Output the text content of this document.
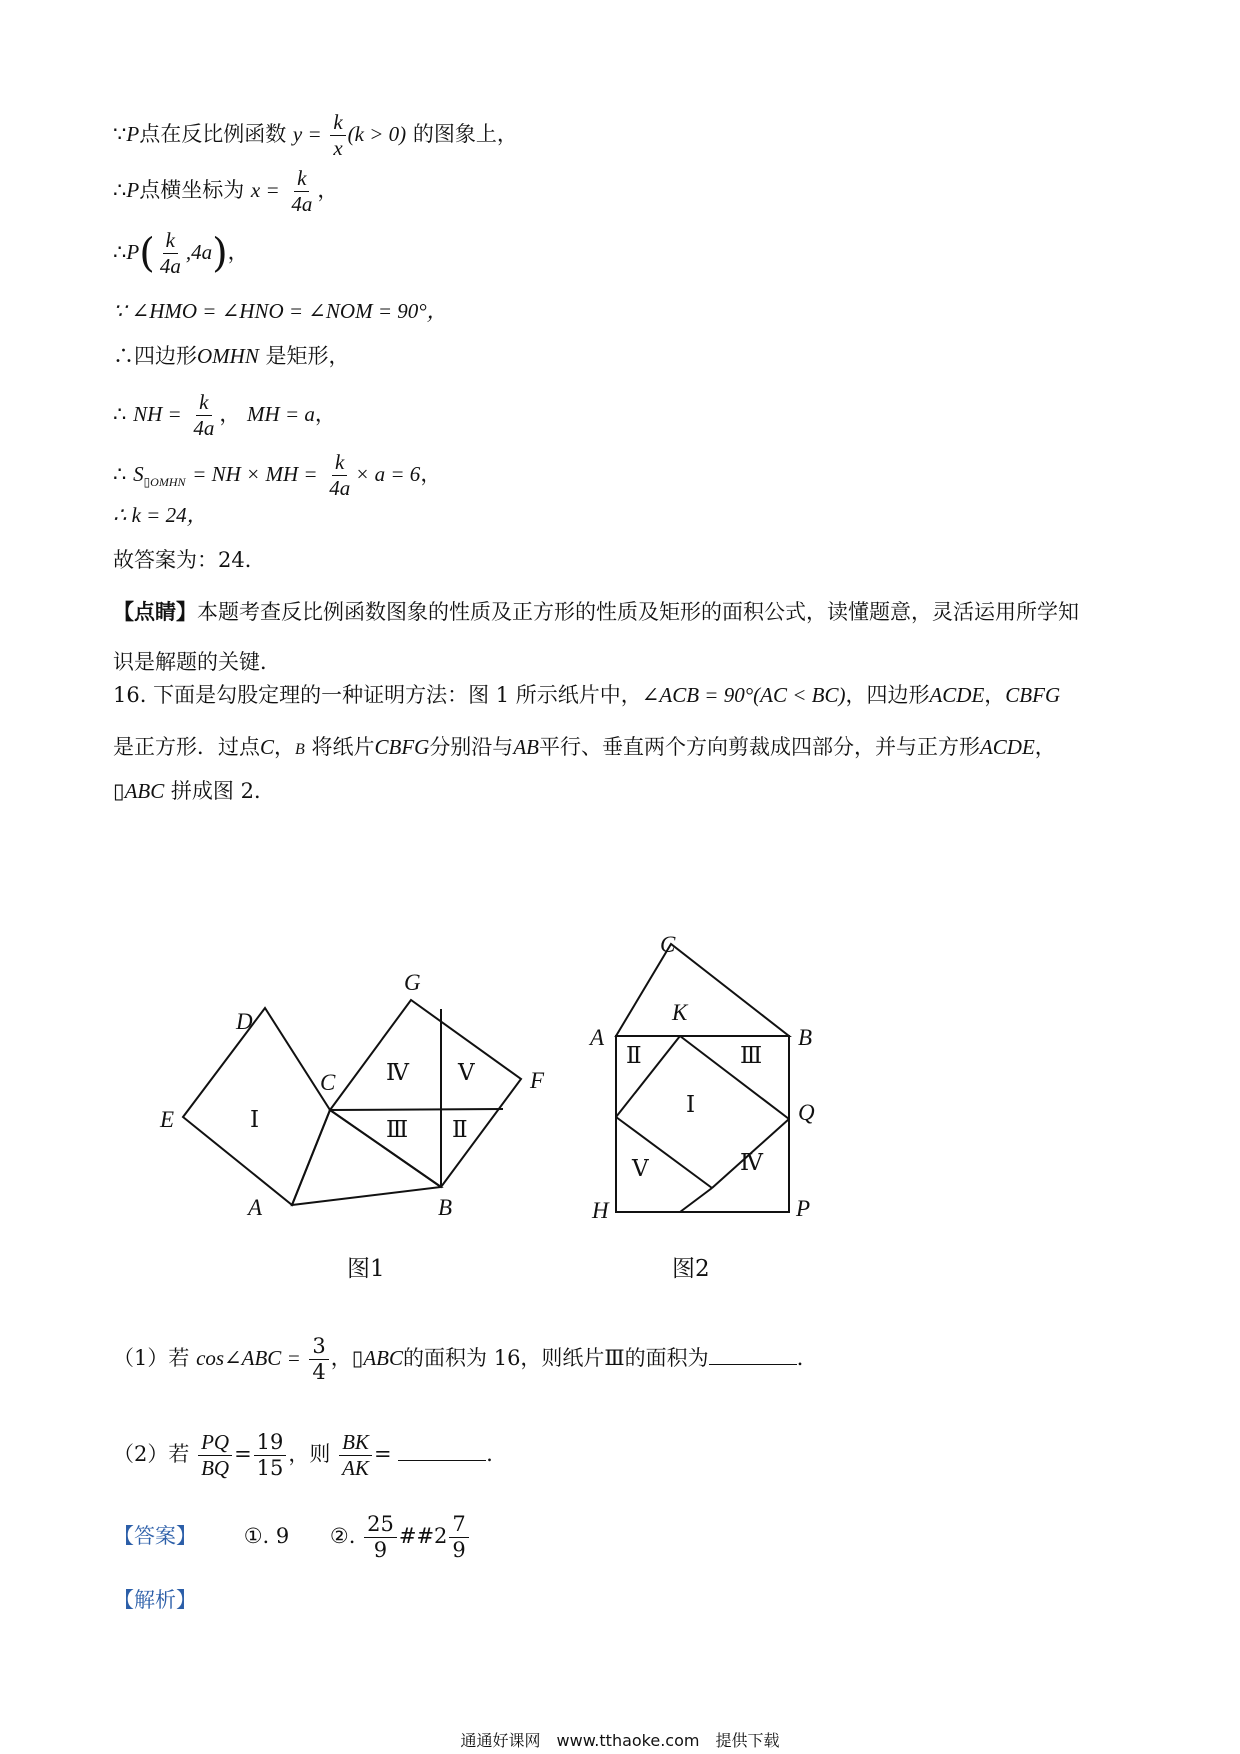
∵P点在反比例函数 $y = \frac{k}{x} (k > 0)$ 的图象上，
∴P点横坐标为 $x = \frac{k}{4a}$ ，
∴P( $\frac{k}{4a} ,4a$)，
∵ ∠HMO = ∠HNO = ∠NOM = 90°，
∴四边形OMHN 是矩形，
∴ NH = $\frac{k}{4a}$ ， MH = a，
∴ $S_{▯OMHN}$ = NH × MH = $\frac{k}{4a} \times a = 6$，
∴ k = 24，
故答案为：24．
【点睛】本题考查反比例函数图象的性质及正方形的性质及矩形的面积公式，读懂题意，灵活运用所学知
识是解题的关键．
16. 下面是勾股定理的一种证明方法：图 1 所示纸片中，∠ACB = 90°(AC < BC)，四边形ACDE，CBFG
是正方形．过点C，B 将纸片CBFG分别沿与AB平行、垂直两个方向剪裁成四部分，并与正方形ACDE，
▯ABC 拼成图 2．
D
E
A	B
C
G
F
Ⅰ	Ⅱ
Ⅲ
Ⅳ Ⅴ
图1
C
A
K
B
Q
H	P
Ⅱ	Ⅲ
Ⅰ
Ⅴ	Ⅳ
图2
（1）若 cos∠ABC = $\frac{3}{4}$ ，▯ABC的面积为 16，则纸片Ⅲ的面积为	．
（2）若 $\frac{PQ}{BQ} = \frac{19}{15}$ ，则 $\frac{BK}{AK}$ =	．
【答案】 ①. 9 ②. $\frac{25}{9}$ ##2 $\frac{7}{9}$
【解析】
通通好课网　www.tthaoke.com　提供下载
